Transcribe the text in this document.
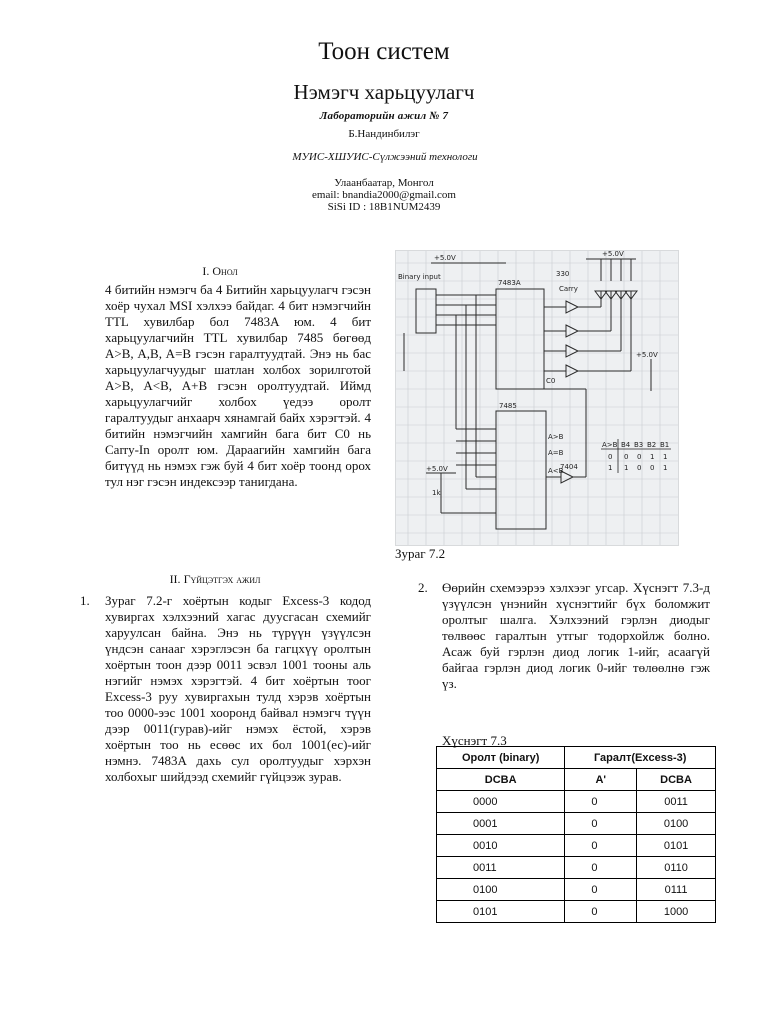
Тоон систем
Нэмэгч харьцуулагч
Лабораторийн ажил № 7
Б.Нандинбилэг
МУИС-ХШУИС-Сүлжээний технологи
Улаанбаатар, Монгол
email: bnandia2000@gmail.com
SiSi ID : 18B1NUM2439
I. Онол
4 битийн нэмэгч ба 4 Битийн харьцуулагч гэсэн хоёр чухал MSI хэлхээ байдаг. 4 бит нэмэгчийн TTL хувилбар бол 7483A юм. 4 бит харьцуулагчийн TTL хувилбар 7485 бөгөөд A>B, A,B, A=B гэсэн гаралтуудтай. Энэ нь бас харьцуулагчуудыг шатлан холбох зорилготой A>B, A<B, A+B гэсэн оролтуудтай. Иймд харьцуулагчийг холбох үедээ оролт гаралтуудыг анхаарч хянамгай байх хэрэгтэй. 4 битийн нэмэгчийн хамгийн бага бит C0 нь Carry-In оролт юм. Дараагийн хамгийн бага битүүд нь нэмэх гэж буй 4 бит хоёр тоонд орох тул нэг гэсэн индексээр танигдана.
II. Гүйцэтгэх ажил
1. Зураг 7.2-г хоёртын кодыг Excess-3 кодод хувиргах хэлхээний хагас дуусгасан схемийг харуулсан байна. Энэ нь түрүүн үзүүлсэн үндсэн санааг хэрэглэсэн ба гагцхүү оролтын хоёртын тоон дээр 0011 эсвэл 1001 тооны аль нэгийг нэмэх хэрэгтэй. 4 бит хоёртын тоог Excess-3 руу хувиргахын тулд хэрэв хоёртын тоо 0000-ээс 1001 хооронд байвал нэмэгч түүн дээр 0011(гурав)-ийг нэмэх ёстой, хэрэв хоёртын тоо нь есөөс их бол 1001(ес)-ийг нэмнэ. 7483A дахь сул оролтуудыг хэрхэн холбохыг шийдээд схемийг гүйцээж зурав.
2. Өөрийн схемээрээ хэлхээг угсар. Хүснэгт 7.3-д үзүүлсэн үнэнийн хүснэгтийг бүх боломжит оролтыг шалга. Хэлхээний гэрлэн диодыг төлвөөс гаралтын утгыг тодорхойлж болно. Асаж буй гэрлэн диод логик 1-ийг, асаагүй байгаа гэрлэн диод логик 0-ийг төлөөлнө гэж үз.
+5.0V
Binary input
7483A
7485
Carry
330
+5.0V
+5.0V
+5.0V
1k
A>B
A=B
A<B
C0
7404
A>B B4 B3 B2 B1
0 0 0 1 1
1 1 0 0 1
Зураг 7.2
Хүснэгт 7.3
Оролт (binary)	Гаралт(Excess-3)	
DCBA	A'	DCBA
0000	0	0011
0001	0	0100
0010	0	0101
0011	0	0110
0100	0	0111
0101	0	1000
